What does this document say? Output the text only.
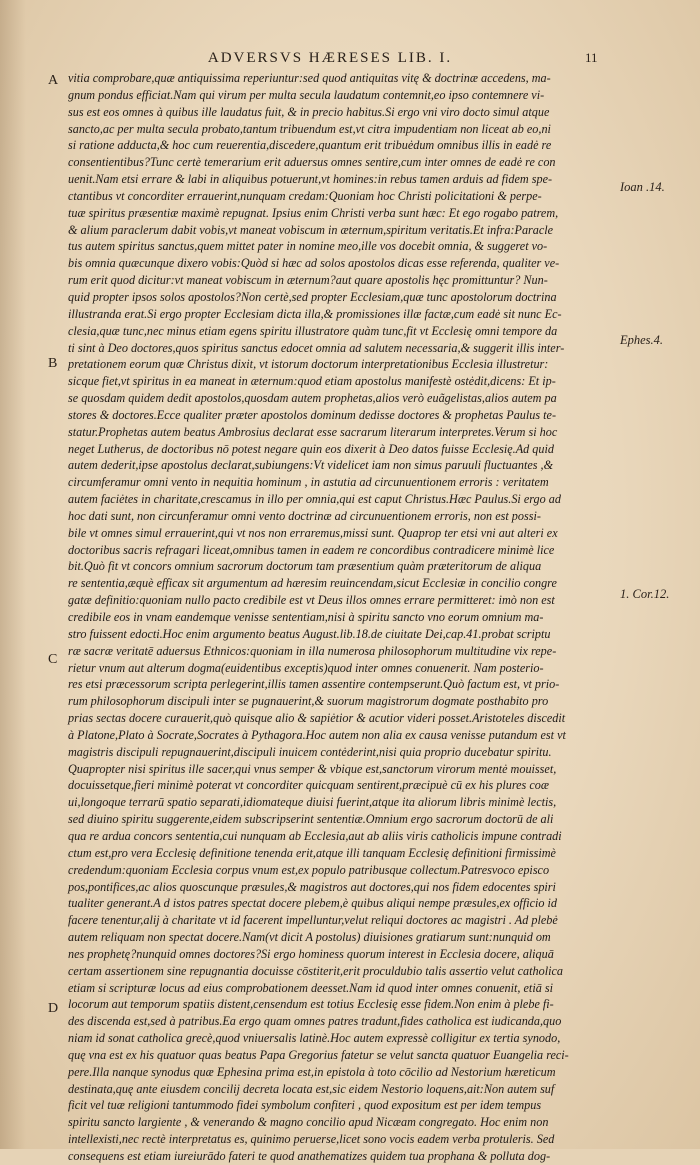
ADVERSVS HÆRESES LIB. I.	11
A
B
C
D
Ioan .14.
Ephes.4.
1. Cor.12.
vitia comprobare,quæ antiquissima reperiuntur:sed quod antiquitas vitę & doctrinæ accedens, ma-
gnum pondus efficiat.Nam qui virum per multa secula laudatum contemnit,eo ipso contemnere vi-
sus est eos omnes à quibus ille laudatus fuit, & in precio habitus.Si ergo vni viro docto simul atque
sancto,ac per multa secula probato,tantum tribuendum est,vt citra impudentiam non liceat ab eo,ni
si ratione adducta,& hoc cum reuerentia,discedere,quantum erit tribuėdum omnibus illis in eadė re
consentientibus?Tunc certè temerarium erit aduersus omnes sentire,cum inter omnes de eadė re con
uenit.Nam etsi errare & labi in aliquibus potuerunt,vt homines:in rebus tamen arduis ad fidem spe-
ctantibus vt concorditer errauerint,nunquam credam:Quoniam hoc Christi policitationi & perpe-
tuæ spiritus præsentiæ maximè repugnat. Ipsius enim Christi verba sunt hæc: Et ego rogabo patrem,
& alium paraclerum dabit vobis,vt maneat vobiscum in æternum,spiritum veritatis.Et infra:Paracle
tus autem spiritus sanctus,quem mittet pater in nomine meo,ille vos docebit omnia, & suggeret vo-
bis omnia quæcunque dixero vobis:Quòd si hæc ad solos apostolos dicas esse referenda, qualiter ve-
rum erit quod dicitur:vt maneat vobiscum in æternum?aut quare apostolis hęc promittuntur? Nun-
quid propter ipsos solos apostolos?Non certè,sed propter Ecclesiam,quæ tunc apostolorum doctrina
illustranda erat.Si ergo propter Ecclesiam dicta illa,& promissiones illæ factæ,cum eadė sit nunc Ec-
clesia,quæ tunc,nec minus etiam egens spiritu illustratore quàm tunc,fit vt Ecclesię omni tempore da
ti sint à Deo doctores,quos spiritus sanctus edocet omnia ad salutem necessaria,& suggerit illis inter-
pretationem eorum quæ Christus dixit, vt istorum doctorum interpretationibus Ecclesia illustretur:
sicque fiet,vt spiritus in ea maneat in æternum:quod etiam apostolus manifestè ostėdit,dicens: Et ip-
se quosdam quidem dedit apostolos,quosdam autem prophetas,alios verò euãgelistas,alios autem pa
stores & doctores.Ecce qualiter præter apostolos dominum dedisse doctores & prophetas Paulus te-
statur.Prophetas autem beatus Ambrosius declarat esse sacrarum literarum interpretes.Verum si hoc
neget Lutherus, de doctoribus nō potest negare quin eos dixerit à Deo datos fuisse Ecclesię.Ad quid
autem dederit,ipse apostolus declarat,subiungens:Vt videlicet iam non simus paruuli fluctuantes ,&
circumferamur omni vento in nequitia hominum , in astutia ad circunuentionem erroris : veritatem
autem faciėtes in charitate,crescamus in illo per omnia,qui est caput Christus.Hæc Paulus.Si ergo ad
hoc dati sunt, non circunferamur omni vento doctrinæ ad circunuentionem erroris, non est possi-
bile vt omnes simul errauerint,qui vt nos non erraremus,missi sunt. Quaprop ter etsi vni aut alteri ex
doctoribus sacris refragari liceat,omnibus tamen in eadem re concordibus contradicere minimè lice
bit.Quò fit vt concors omnium sacrorum doctorum tam præsentium quàm præteritorum de aliqua
re sententia,æquè efficax sit argumentum ad hæresim reuincendam,sicut Ecclesiæ in concilio congre
gatæ definitio:quoniam nullo pacto credibile est vt Deus illos omnes errare permitteret: imò non est
credibile eos in vnam eandemque venisse sententiam,nisi à spiritu sancto vno eorum omnium ma-
stro fuissent edocti.Hoc enim argumento beatus August.lib.18.de ciuitate Dei,cap.41.probat scriptu
ræ sacræ veritatē aduersus Ethnicos:quoniam in illa numerosa philosophorum multitudine vix repe-
rietur vnum aut alterum dogma(euidentibus exceptis)quod inter omnes conuenerit. Nam posterio-
res etsi præcessorum scripta perlegerint,illis tamen assentire contempserunt.Quò factum est, vt prio-
rum philosophorum discipuli inter se pugnauerint,& suorum magistrorum dogmate posthabito pro
prias sectas docere curauerit,quò quisque alio & sapiėtior & acutior videri posset.Aristoteles discedit
à Platone,Plato à Socrate,Socrates à Pythagora.Hoc autem non alia ex causa venisse putandum est vt
magistris discipuli repugnauerint,discipuli inuicem contėderint,nisi quia proprio ducebatur spiritu.
Quapropter nisi spiritus ille sacer,qui vnus semper & vbique est,sanctorum virorum mentė mouisset,
docuissetque,fieri minimè poterat vt concorditer quicquam sentirent,præcipuè cū ex his plures coæ
ui,longoque terrarū spatio separati,idiomateque diuisi fuerint,atque ita aliorum libris minimè lectis,
sed diuino spiritu suggerente,eidem subscripserint sententiæ.Omnium ergo sacrorum doctorū de ali
qua re ardua concors sententia,cui nunquam ab Ecclesia,aut ab aliis viris catholicis impune contradi
ctum est,pro vera Ecclesię definitione tenenda erit,atque illi tanquam Ecclesię definitioni firmissimè
credendum:quoniam Ecclesia corpus vnum est,ex populo patribusque collectum.Patresvoco episco
pos,pontifices,ac alios quoscunque præsules,& magistros aut doctores,qui nos fidem edocentes spiri
tualiter generant.A d istos patres spectat docere plebem,è quibus aliqui nempe præsules,ex officio id
facere tenentur,alij à charitate vt id facerent impelluntur,velut reliqui doctores ac magistri . Ad plebė
autem reliquam non spectat docere.Nam(vt dicit A postolus) diuisiones gratiarum sunt:nunquid om
nes prophetę?nunquid omnes doctores?Si ergo hominess quorum interest in Ecclesia docere, aliquā
certam assertionem sine repugnantia docuisse cōstiterit,erit proculdubio talis assertio velut catholica
etiam si scripturæ locus ad eius comprobationem deesset.Nam id quod inter omnes conuenit, etiā si
locorum aut temporum spatiis distent,censendum est totius Ecclesię esse fidem.Non enim à plebe fi-
des discenda est,sed à patribus.Ea ergo quam omnes patres tradunt,fides catholica est iudicanda,quo
niam id sonat catholica grecè,quod vniuersalis latinè.Hoc autem expressè colligitur ex tertia synodo,
quę vna est ex his quatuor quas beatus Papa Gregorius fatetur se velut sancta quatuor Euangelia reci-
pere.Illa nanque synodus quæ Ephesina prima est,in epistola à toto cōcilio ad Nestorium hæreticum
destinata,quę ante eiusdem concilij decreta locata est,sic eidem Nestorio loquens,ait:Non autem suf
ficit vel tuæ religioni tantummodo fidei symbolum confiteri , quod expositum est per idem tempus
spiritu sancto largiente , & venerando & magno concilio apud Nicæam congregato. Hoc enim non
intellexisti,nec rectè interpretatus es, quinimo peruerse,licet sono vocis eadem verba protuleris. Sed
consequens est etiam iureiurādo fateri te quod anathematizes quidem tua prophana & polluta dog-
